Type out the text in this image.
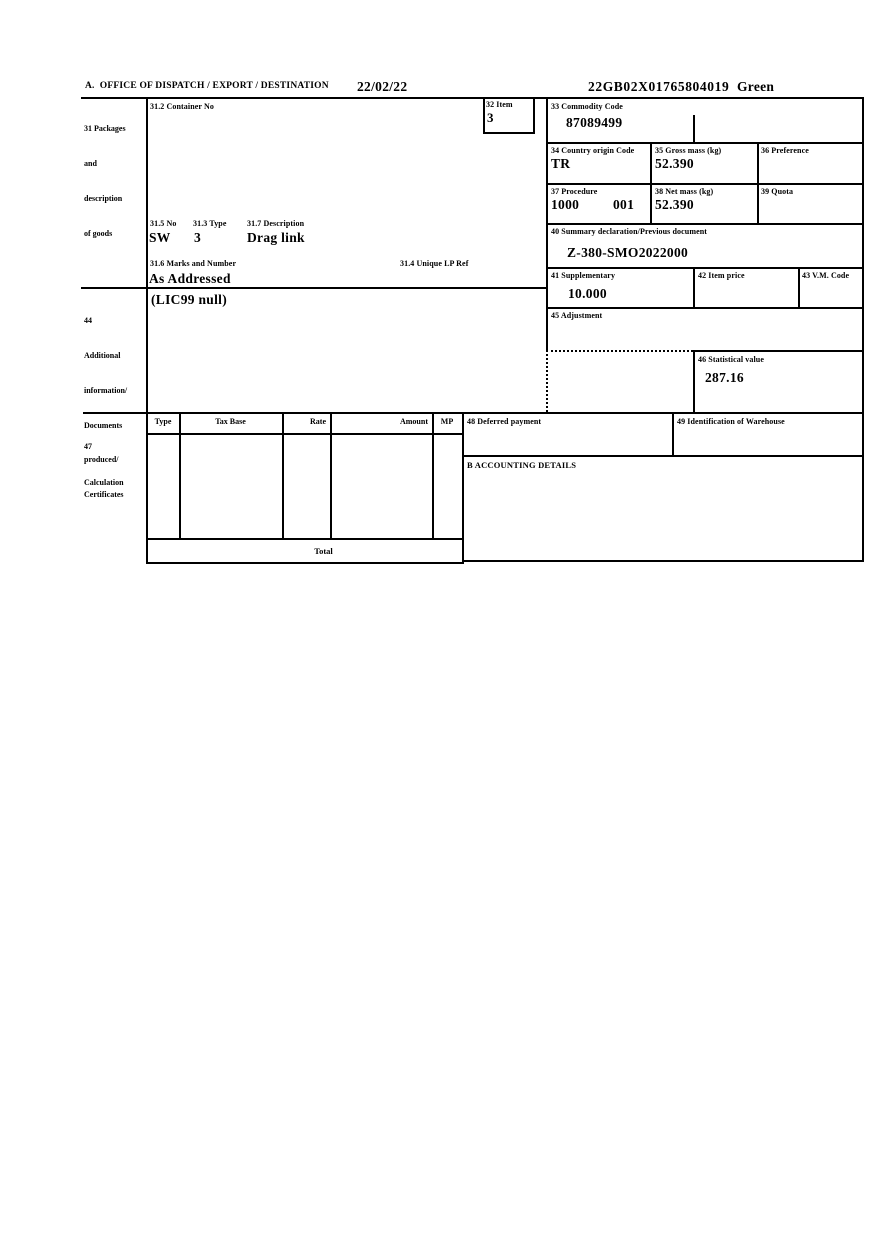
A.  OFFICE OF DISPATCH / EXPORT / DESTINATION 22/02/22	22GB02X01765804019 Green

31 Packages

and

description

of goods

31.2 Container No	32 Item
3
33 Commodity Code
87089499
34 Country origin Code
TR
35 Gross mass (kg)
52.390
36 Preference
37 Procedure
1000	001
38 Net mass (kg)
52.390
39 Quota
31.5 No 31.3 Type	31.7 Description
SW 3	Drag link
31.6 Marks and Number	31.4 Unique LP Ref
As Addressed
40 Summary declaration/Previous document
Z-380-SMO2022000
41 Supplementary
10.000
42 Item price	43 V.M. Code

44

Additional

information/

Documents

produced/

Certificates

(LIC99 null)
45 Adjustment
46 Statistical value
287.16

47

Calculation

Type	Tax Base	Rate	Amount	MP
Total
48 Deferred payment	49 Identification of Warehouse
B ACCOUNTING DETAILS
